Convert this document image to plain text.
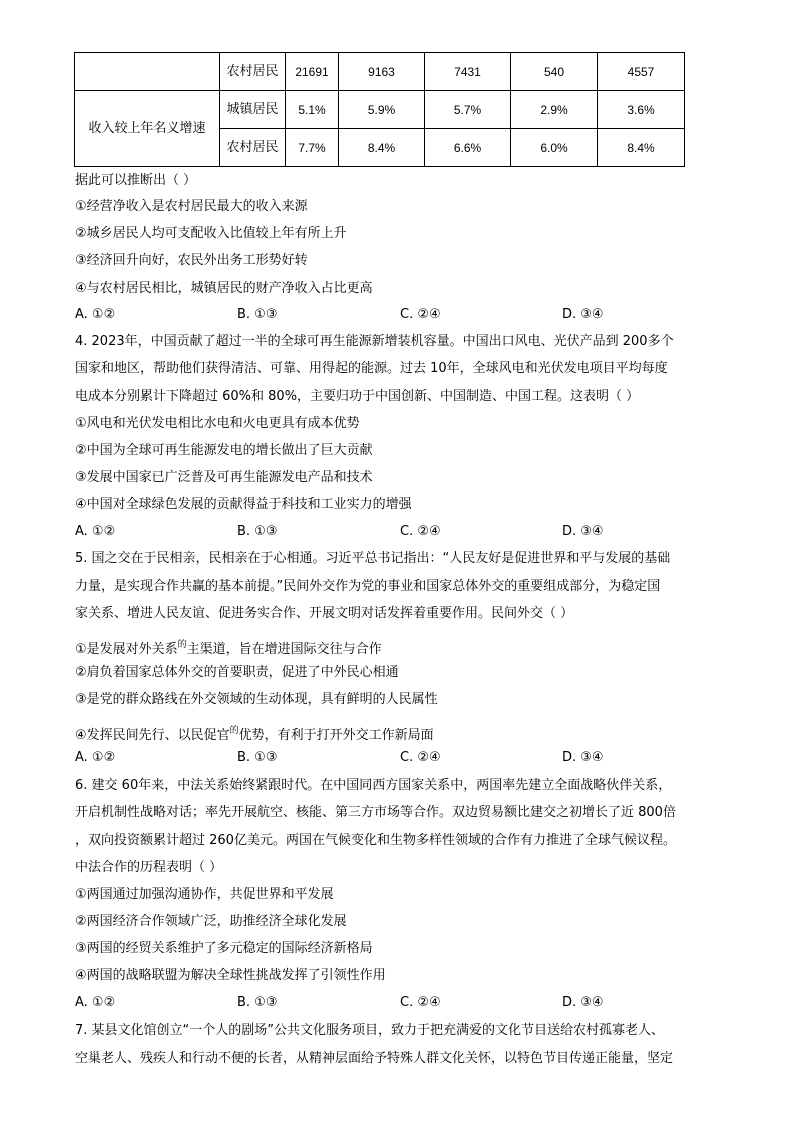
	农村居民	21691	9163	7431	540	4557
收入较上年名义增速	城镇居民	5.1%	5.9%	5.7%	2.9%	3.6%
	农村居民	7.7%	8.4%	6.6%	6.0%	8.4%
据此可以推断出（ ）
①经营净收入是农村居民最大的收入来源
②城乡居民人均可支配收入比值较上年有所上升
③经济回升向好，农民外出务工形势好转
④与农村居民相比，城镇居民的财产净收入占比更高
A. ①②	B. ①③	C. ②④	D. ③④
4. 2023年，中国贡献了超过一半的全球可再生能源新增装机容量。中国出口风电、光伏产品到 200多个
国家和地区，帮助他们获得清洁、可靠、用得起的能源。过去 10年，全球风电和光伏发电项目平均每度
电成本分别累计下降超过 60%和 80%，主要归功于中国创新、中国制造、中国工程。这表明（ ）
①风电和光伏发电相比水电和火电更具有成本优势
②中国为全球可再生能源发电的增长做出了巨大贡献
③发展中国家已广泛普及可再生能源发电产品和技术
④中国对全球绿色发展的贡献得益于科技和工业实力的增强
A. ①②	B. ①③	C. ②④	D. ③④
5. 国之交在于民相亲，民相亲在于心相通。习近平总书记指出：“人民友好是促进世界和平与发展的基础
力量，是实现合作共赢的基本前提。”民间外交作为党的事业和国家总体外交的重要组成部分，为稳定国
家关系、增进人民友谊、促进务实合作、开展文明对话发挥着重要作用。民间外交（ ）
①是发展对外关系$^的$主渠道，旨在增进国际交往与合作
②肩负着国家总体外交的首要职责，促进了中外民心相通
③是党的群众路线在外交领域的生动体现，具有鲜明的人民属性
④发挥民间先行、以民促官$^的$优势，有利于打开外交工作新局面
A. ①②	B. ①③	C. ②④	D. ③④
6. 建交 60年来，中法关系始终紧跟时代。在中国同西方国家关系中，两国率先建立全面战略伙伴关系，
开启机制性战略对话；率先开展航空、核能、第三方市场等合作。双边贸易额比建交之初增长了近 800倍
，双向投资额累计超过 260亿美元。两国在气候变化和生物多样性领域的合作有力推进了全球气候议程。
中法合作的历程表明（ ）
①两国通过加强沟通协作，共促世界和平发展
②两国经济合作领域广泛，助推经济全球化发展
③两国的经贸关系维护了多元稳定的国际经济新格局
④两国的战略联盟为解决全球性挑战发挥了引领性作用
A. ①②	B. ①③	C. ②④	D. ③④
7. 某县文化馆创立“一个人的剧场”公共文化服务项目，致力于把充满爱的文化节目送给农村孤寡老人、
空巢老人、残疾人和行动不便的长者，从精神层面给予特殊人群文化关怀，以特色节目传递正能量，坚定
